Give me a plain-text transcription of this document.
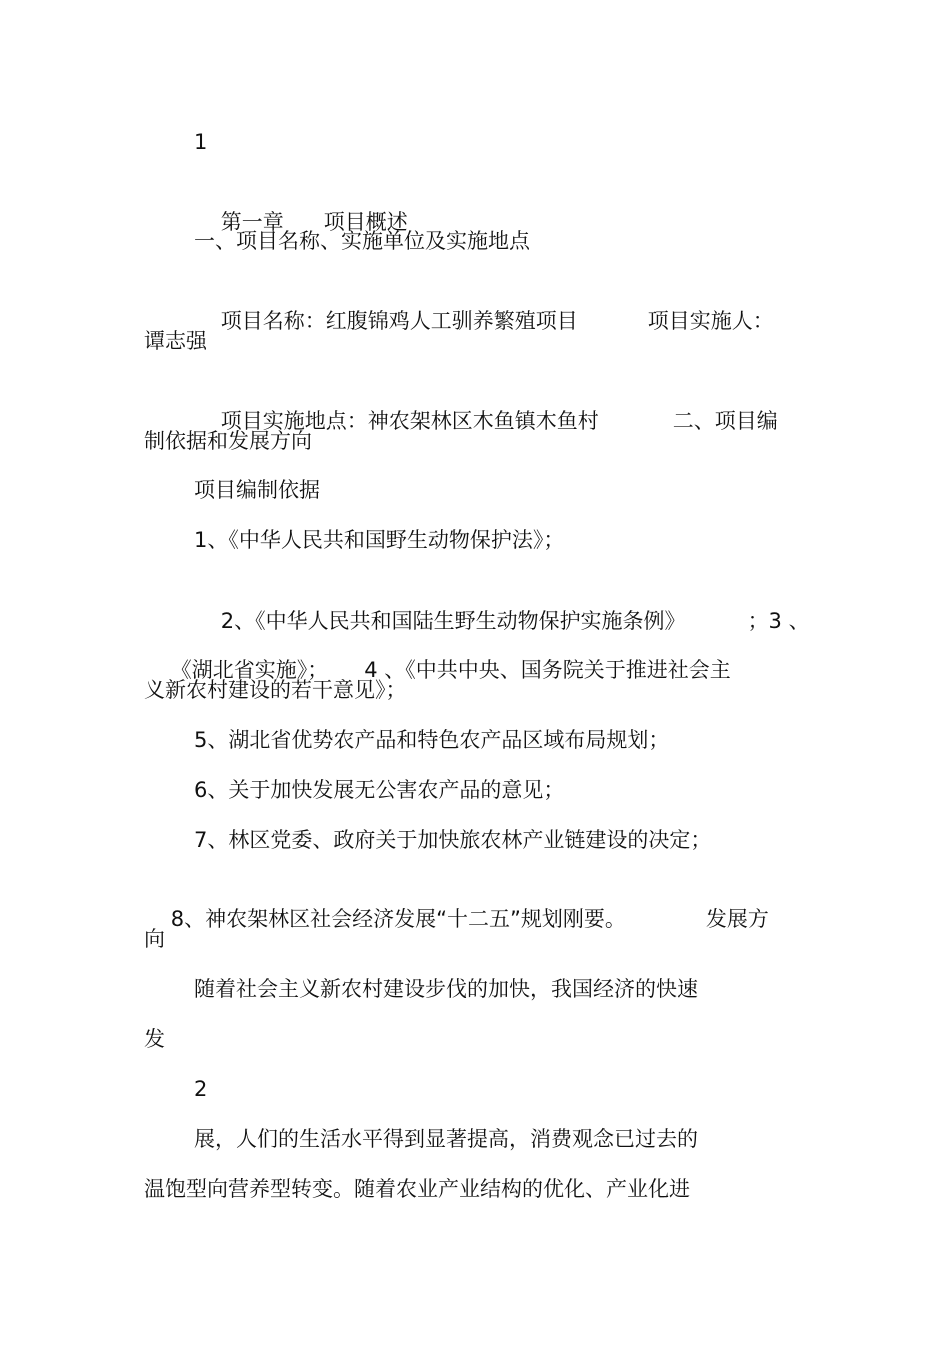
1

第一章 项目概述

一、项目名称、实施单位及实施地点

项目名称：红腹锦鸡人工驯养繁殖项目	项目实施人：

谭志强

项目实施地点：神农架林区木鱼镇木鱼村	二、项目编

制依据和发展方向
项目编制依据
1、《中华人民共和国野生动物保护法》；

2、《中华人民共和国陆生野生动物保护实施条例》	；3 、

《湖北省实施》； 4 、《中共中央、国务院关于推进社会主

义新农村建设的若干意见》；
5、湖北省优势农产品和特色农产品区域布局规划；
6、关于加快发展无公害农产品的意见；
7、林区党委、政府关于加快旅农林产业链建设的决定；

8、神农架林区社会经济发展“十二五”规划刚要。	发展方

向
随着社会主义新农村建设步伐的加快，我国经济的快速
发
2
展，人们的生活水平得到显著提高，消费观念已过去的
温饱型向营养型转变。随着农业产业结构的优化、产业化进
